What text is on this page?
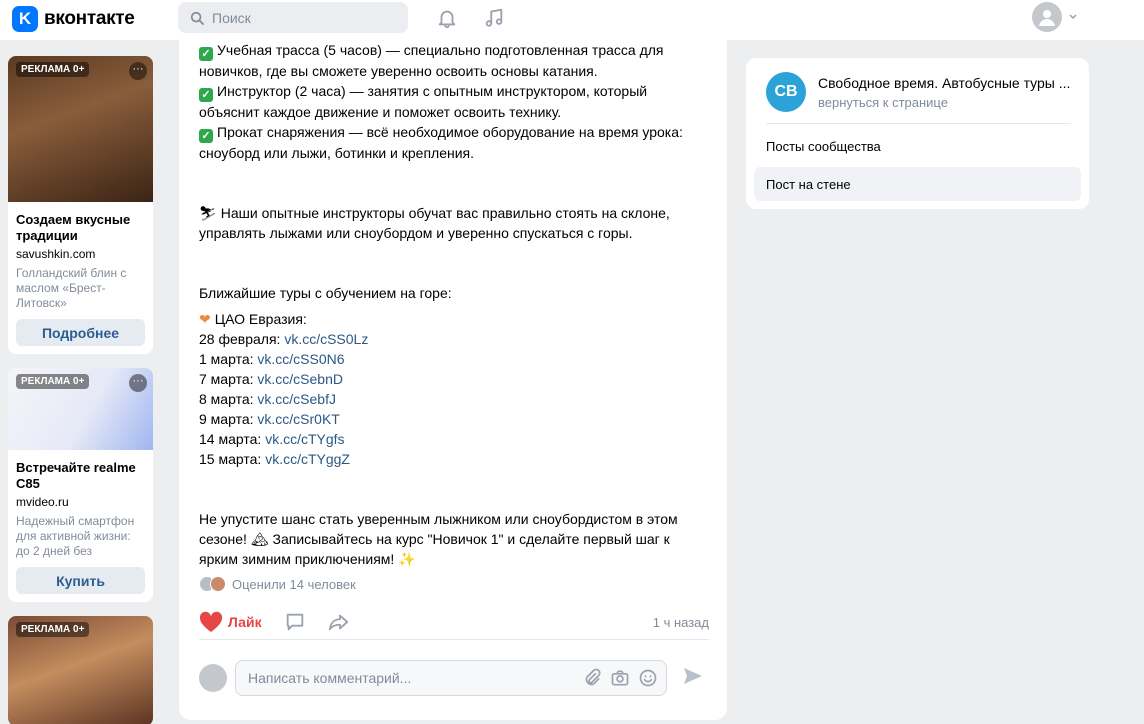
K вконтакте
Поиск
РЕКЛАМА 0+	···
Создаем вкусные традиции
savushkin.com
Голландский блин с маслом «Брест-Литовск»
Подробнее
РЕКЛАМА 0+	···
Встречайте realme C85
mvideo.ru
Надежный смартфон для активной жизни: до 2 дней без
Купить
РЕКЛАМА 0+
✓ Учебная трасса (5 часов) — специально подготовленная трасса для
новичков, где вы сможете уверенно освоить основы катания.
✓ Инструктор (2 часа) — занятия с опытным инструктором, который
объяснит каждое движение и поможет освоить технику.
✓ Прокат снаряжения — всё необходимое оборудование на время урока:
сноуборд или лыжи, ботинки и крепления.
⛷ Наши опытные инструкторы обучат вас правильно стоять на склоне,
управлять лыжами или сноубордом и уверенно спускаться с горы.
Ближайшие туры с обучением на горе:
❤ ЦАО Евразия:
28 февраля: vk.cc/cSS0Lz
1 марта: vk.cc/cSS0N6
7 марта: vk.cc/cSebnD
8 марта: vk.cc/cSebfJ
9 марта: vk.cc/cSr0KT
14 марта: vk.cc/cTYgfs
15 марта: vk.cc/cTYggZ
Не упустите шанс стать уверенным лыжником или сноубордистом в этом
сезоне! 🏔 Записывайтесь на курс "Новичок 1" и сделайте первый шаг к
ярким зимним приключениям! ✨
Оценили 14 человек
Лайк	1 ч назад
Написать комментарий...
СВ
Свободное время. Автобусные туры ...
вернуться к странице
Посты сообщества
Пост на стене
